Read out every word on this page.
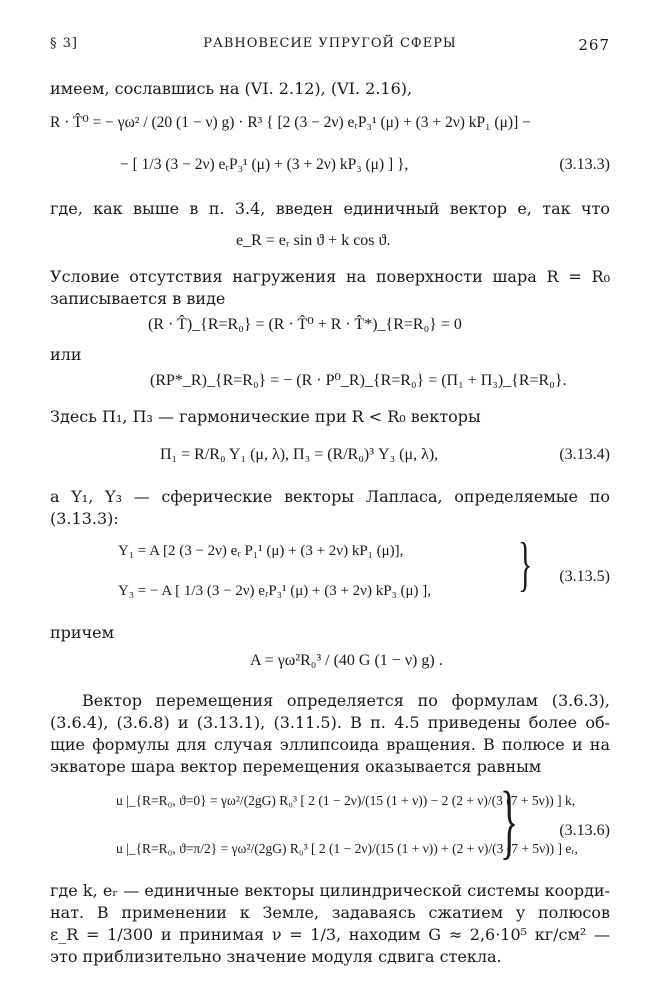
§ 3]	РАВНОВЕСИЕ УПРУГОЙ СФЕРЫ	267
имеем, сославшись на (VI. 2.12), (VI. 2.16),
R · T̂⁰ = − γω² / (20 (1 − ν) g) · R³ { [2 (3 − 2ν) eᵣP₃¹ (μ) + (3 + 2ν) kP₁ (μ)] −
− [ 1/3 (3 − 2ν) eᵣP₃¹ (μ) + (3 + 2ν) kP₃ (μ) ] },	(3.13.3)
где, как выше в п. 3.4, введен единичный вектор e, так что
e_R = eᵣ sin ϑ + k cos ϑ.
Условие отсутствия нагружения на поверхности шара R = R₀
записывается в виде
(R · T̂)_{R=R₀} = (R · T̂⁰ + R · T̂*)_{R=R₀} = 0
или
(RP*_R)_{R=R₀} = − (R · P⁰_R)_{R=R₀} = (Π₁ + Π₃)_{R=R₀}.
Здесь Π₁, Π₃ — гармонические при R < R₀ векторы
Π₁ = R/R₀ Y₁ (μ, λ), Π₃ = (R/R₀)³ Y₃ (μ, λ),	(3.13.4)
а Y₁, Y₃ — сферические векторы Лапласа, определяемые по
(3.13.3):
Y₁ = A [2 (3 − 2ν) eᵣ P₁¹ (μ) + (3 + 2ν) kP₁ (μ)],
Y₃ = − A [ 1/3 (3 − 2ν) eᵣP₃¹ (μ) + (3 + 2ν) kP₃ (μ) ], } (3.13.5)
причем
A = γω²R₀³ / (40 G (1 − ν) g) .
Вектор перемещения определяется по формулам (3.6.3),
(3.6.4), (3.6.8) и (3.13.1), (3.11.5). В п. 4.5 приведены более об-
щие формулы для случая эллипсоида вращения. В полюсе и на
экваторе шара вектор перемещения оказывается равным
u |_{R=R₀, ϑ=0} = γω²/(2gG) R₀³ [ 2 (1 − 2ν)/(15 (1 + ν)) − 2 (2 + ν)/(3 (7 + 5ν)) ] k,
u |_{R=R₀, ϑ=π/2} = γω²/(2gG) R₀³ [ 2 (1 − 2ν)/(15 (1 + ν)) + (2 + ν)/(3 (7 + 5ν)) ] eᵣ,
}	(3.13.6)
где k, eᵣ — единичные векторы цилиндрической системы коорди-
нат. В применении к Земле, задаваясь сжатием у полюсов
ε_R = 1/300 и принимая ν = 1/3, находим G ≈ 2,6·10⁵ кг/см² —
это приблизительно значение модуля сдвига стекла.
